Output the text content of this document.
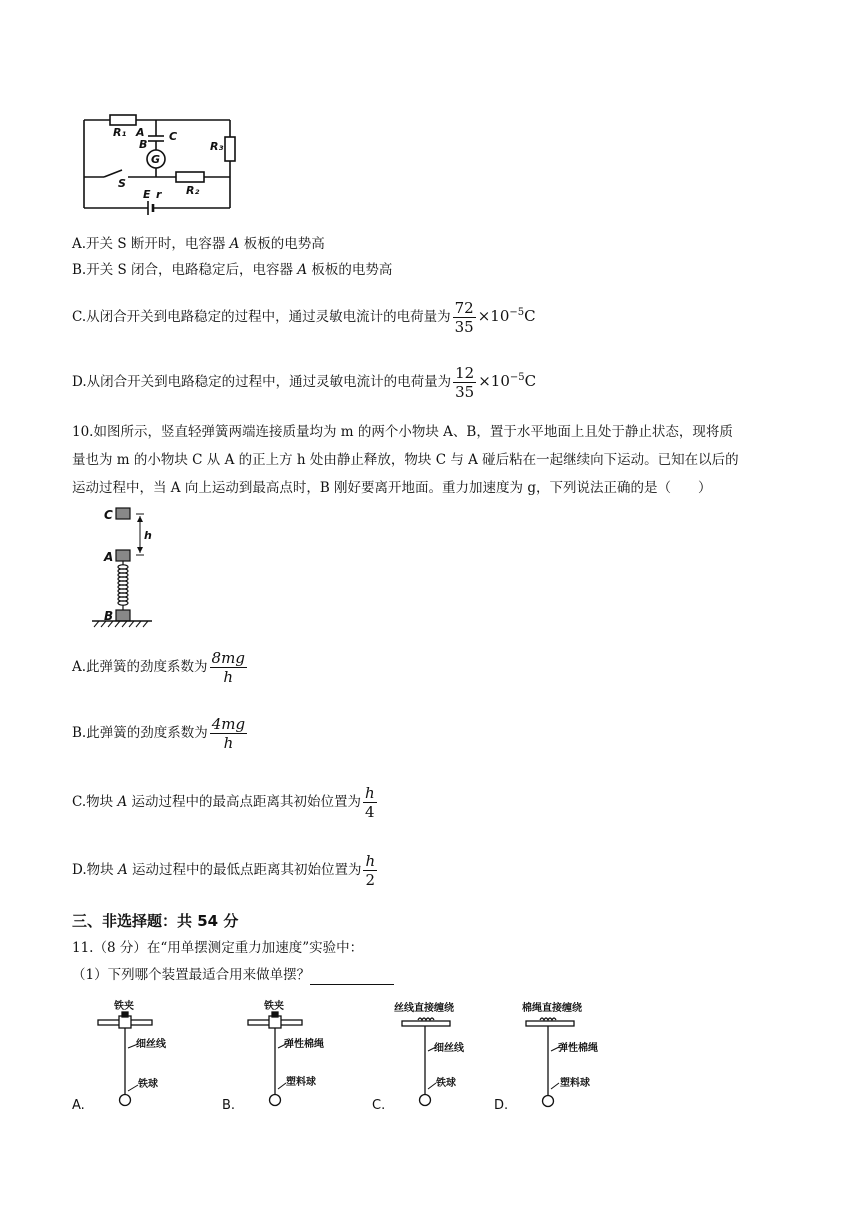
R₁ A C
B
G
R₃
S
R₂
E r
A.开关 S 断开时，电容器 A 板板的电势高
B.开关 S 闭合，电路稳定后，电容器 A 板板的电势高
C.从闭合开关到电路稳定的过程中，通过灵敏电流计的电荷量为 $\frac{72}{35} \times 10^{-5}C$
D.从闭合开关到电路稳定的过程中，通过灵敏电流计的电荷量为 $\frac{12}{35} \times 10^{-5}C$
10.如图所示，竖直轻弹簧两端连接质量均为 m 的两个小物块 A、B，置于水平地面上且处于静止状态，现将质
量也为 m 的小物块 C 从 A 的正上方 h 处由静止释放，物块 C 与 A 碰后粘在一起继续向下运动。已知在以后的
运动过程中，当 A 向上运动到最高点时，B 刚好要离开地面。重力加速度为 g，下列说法正确的是（　　）
C
h
A
B
A.此弹簧的劲度系数为 $\frac{8mg}{h}$
B.此弹簧的劲度系数为 $\frac{4mg}{h}$
C.物块 A 运动过程中的最高点距离其初始位置为 $\frac{h}{4}$
D.物块 A 运动过程中的最低点距离其初始位置为 $\frac{h}{2}$
三、非选择题：共 54 分
11.（8 分）在“用单摆测定重力加速度”实验中：
（1）下列哪个装置最适合用来做单摆？
铁夹
细丝线
铁球
A.
铁夹
弹性棉绳
塑料球
B.
丝线直接缠绕
细丝线
铁球
C.
棉绳直接缠绕
弹性棉绳
塑料球
D.
